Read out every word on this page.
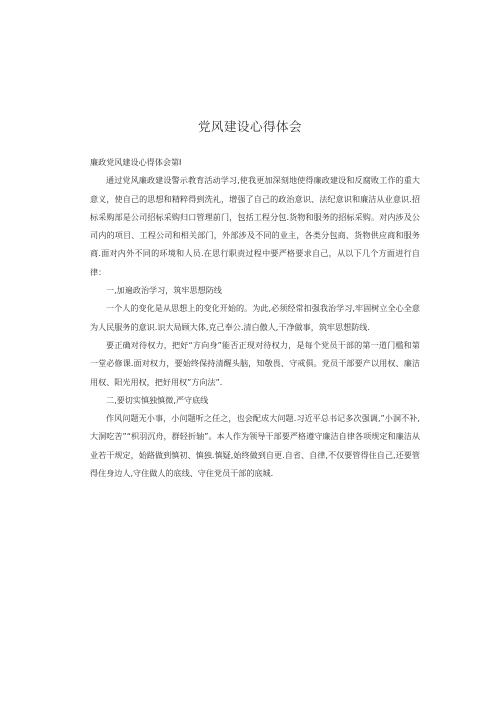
党风建设心得体会

廉政党风建设心得体会第Ⅰ

通过党风廉政建设警示教育活动学习,使我更加深刻地使得廉政建设和反腐败工作的重大意义，使自己的思想和精粹得到洗礼，增强了自己的政治意识、法纪意识和廉洁从业意识.招标采购部是公司招标采购归口管理前门，包括工程分包.货物和服务的招标采购。对内涉及公司内的项目、工程公司和相关部门，外部涉及不同的业主，各类分包商、货物供应商和服务商.面对内外不同的环境和人员.在思行职责过程中要严格要求自己，从以下几个方面进行自律：

一,加遍政治学习，筑牢思想防线

一个人的变化是从思想上的变化开始的。为此,必须经常扣强我治学习,牢固树立全心全意为人民服务的意识.识大局顾大体,克己奉公.清白傲人,干净做事，筑牢思想防线.

要正确对待权力，把好“方向身”能否正现对待权力，是每个党员干部的第一道门槛和第一堂必修课.面对权力，要始终保持清醒头脑，知敬畏、守戒俱。党员干部要产以用权、廉洁用权、阳光用权，把好用权”方向法”.

二,要切实慎独慎微,严守底线

作风问题无小事，小问题听之任之，也会配成大问题.习近平总书记多次强调,”小洞不补,大洞吃苦”“枳羽沉舟，群轻折轴”。本人作为领导干部要严格遵守廉洁自律各项规定和廉洁从业若干规定，始路做到慎初、慎独.慎疑,始终做到自更.自省、自律,不仅要管得住自己,还要管得住身边人,守住做人的底线、守住党员干部的底城.
